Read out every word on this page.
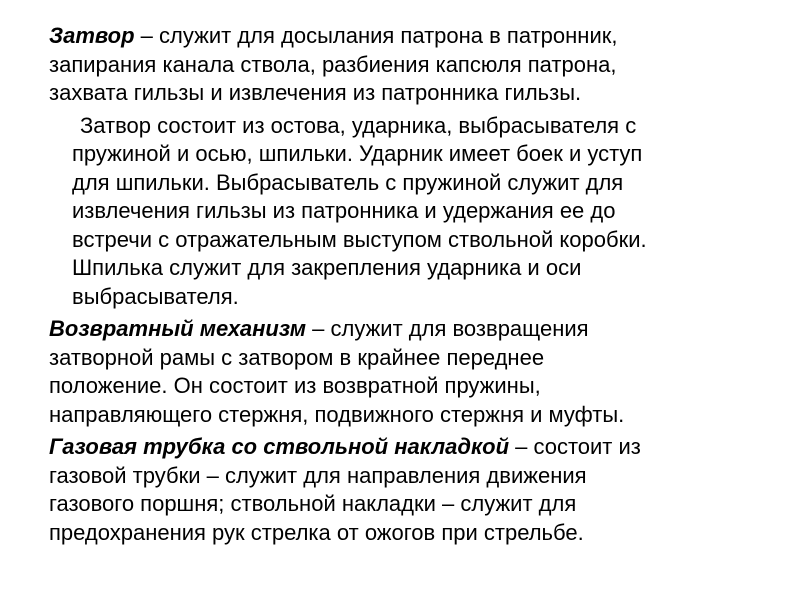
Затвор – служит для досылания патрона в патронник,
запирания канала ствола, разбиения капсюля патрона,
захвата гильзы и извлечения из патронника гильзы.
Затвор состоит из остова, ударника, выбрасывателя с
пружиной и осью, шпильки. Ударник имеет боек и уступ
для шпильки. Выбрасыватель с пружиной служит для
извлечения гильзы из патронника и удержания ее до
встречи с отражательным выступом ствольной коробки.
Шпилька служит для закрепления ударника и оси
выбрасывателя.
Возвратный механизм – служит для возвращения
затворной рамы с затвором в крайнее переднее
положение. Он состоит из возвратной пружины,
направляющего стержня, подвижного стержня и муфты.
Газовая трубка со ствольной накладкой – состоит из
газовой трубки – служит для направления движения
газового поршня; ствольной накладки – служит для
предохранения рук стрелка от ожогов при стрельбе.
